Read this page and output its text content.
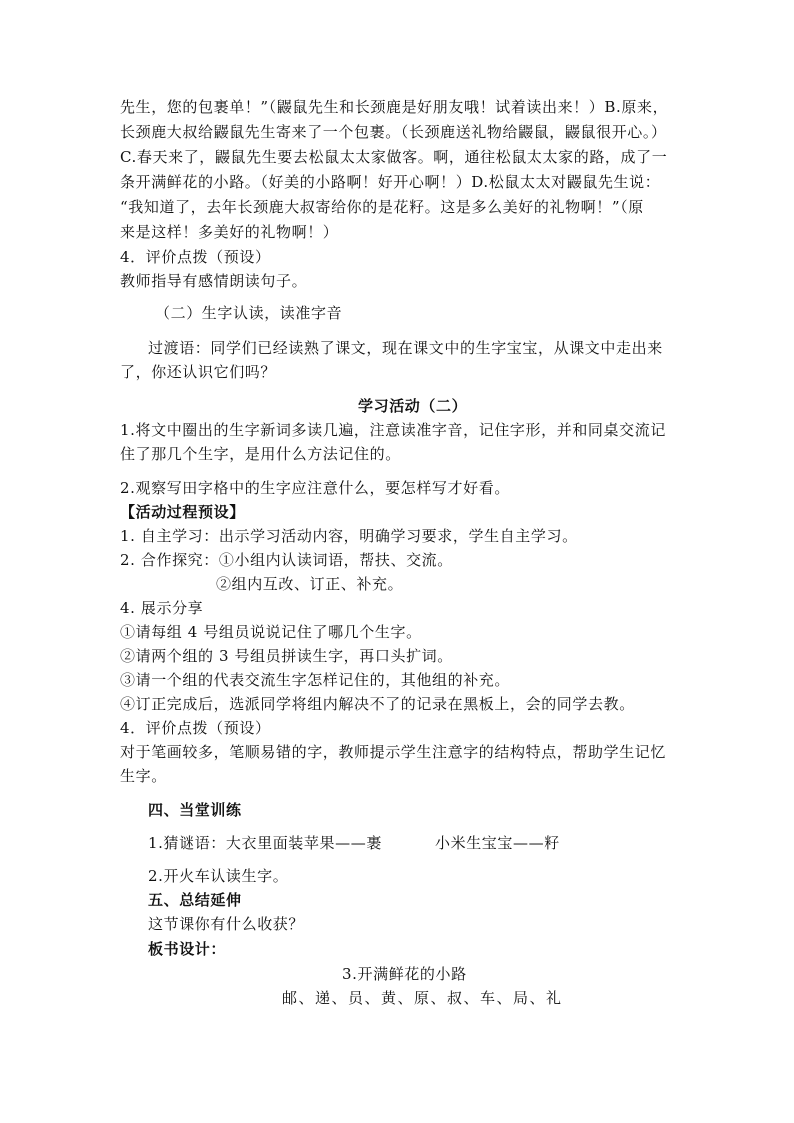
先生，您的包裹单！”（鼹鼠先生和长颈鹿是好朋友哦！试着读出来！）B.原来，
长颈鹿大叔给鼹鼠先生寄来了一个包裹。（长颈鹿送礼物给鼹鼠，鼹鼠很开心。）
C.春天来了，鼹鼠先生要去松鼠太太家做客。啊，通往松鼠太太家的路，成了一
条开满鲜花的小路。（好美的小路啊！好开心啊！）D.松鼠太太对鼹鼠先生说：
“我知道了，去年长颈鹿大叔寄给你的是花籽。这是多么美好的礼物啊！”（原
来是这样！多美好的礼物啊！）
4．评价点拨（预设）
教师指导有感情朗读句子。
（二）生字认读，读准字音
过渡语：同学们已经读熟了课文，现在课文中的生字宝宝，从课文中走出来
了，你还认识它们吗？
学习活动（二）
1.将文中圈出的生字新词多读几遍，注意读准字音，记住字形，并和同桌交流记
住了那几个生字，是用什么方法记住的。
2.观察写田字格中的生字应注意什么，要怎样写才好看。
【活动过程预设】
1. 自主学习：出示学习活动内容，明确学习要求，学生自主学习。
2. 合作探究：①小组内认读词语，帮扶、交流。
②组内互改、订正、补充。
4. 展示分享
①请每组 4 号组员说说记住了哪几个生字。
②请两个组的 3 号组员拼读生字，再口头扩词。
③请一个组的代表交流生字怎样记住的，其他组的补充。
④订正完成后，选派同学将组内解决不了的记录在黑板上，会的同学去教。
4．评价点拨（预设）
对于笔画较多，笔顺易错的字，教师提示学生注意字的结构特点，帮助学生记忆
生字。
四、当堂训练
1.猜谜语：大衣里面装苹果——裹	小米生宝宝——籽
2.开火车认读生字。
五、总结延伸
这节课你有什么收获？
板书设计：
3.开满鲜花的小路
邮、递、员、黄、原、叔、车、局、礼
